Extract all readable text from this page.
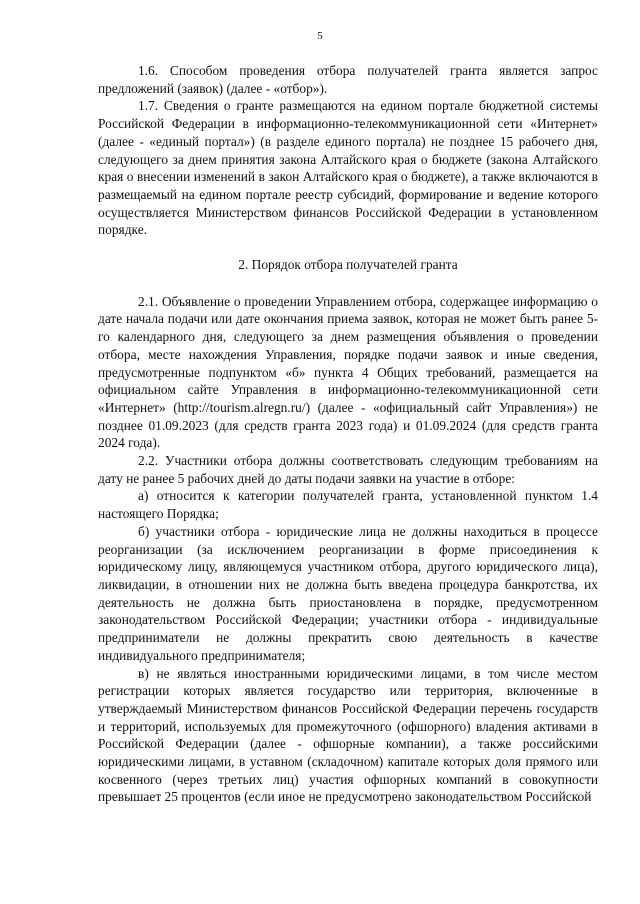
5

1.6. Способом проведения отбора получателей гранта является запрос предложений (заявок) (далее - «отбор»).

1.7. Сведения о гранте размещаются на едином портале бюджетной системы Российской Федерации в информационно-телекоммуникационной сети «Интернет» (далее - «единый портал») (в разделе единого портала) не позднее 15 рабочего дня, следующего за днем принятия закона Алтайского края о бюджете (закона Алтайского края о внесении изменений в закон Алтайского края о бюджете), а также включаются в размещаемый на едином портале реестр субсидий, формирование и ведение которого осуществляется Министерством финансов Российской Федерации в установленном порядке.

2. Порядок отбора получателей гранта

2.1. Объявление о проведении Управлением отбора, содержащее информацию о дате начала подачи или дате окончания приема заявок, которая не может быть ранее 5-го календарного дня, следующего за днем размещения объявления о проведении отбора, месте нахождения Управления, порядке подачи заявок и иные сведения, предусмотренные подпунктом «б» пункта 4 Общих требований, размещается на официальном сайте Управления в информационно-телекоммуникационной сети «Интернет» (http://tourism.alregn.ru/) (далее - «официальный сайт Управления») не позднее 01.09.2023 (для средств гранта 2023 года) и 01.09.2024 (для средств гранта 2024 года).

2.2. Участники отбора должны соответствовать следующим требованиям на дату не ранее 5 рабочих дней до даты подачи заявки на участие в отборе:

а) относится к категории получателей гранта, установленной пунктом 1.4 настоящего Порядка;

б) участники отбора - юридические лица не должны находиться в процессе реорганизации (за исключением реорганизации в форме присоединения к юридическому лицу, являющемуся участником отбора, другого юридического лица), ликвидации, в отношении них не должна быть введена процедура банкротства, их деятельность не должна быть приостановлена в порядке, предусмотренном законодательством Российской Федерации; участники отбора - индивидуальные предприниматели не должны прекратить свою деятельность в качестве индивидуального предпринимателя;

в) не являться иностранными юридическими лицами, в том числе местом регистрации которых является государство или территория, включенные в утверждаемый Министерством финансов Российской Федерации перечень государств и территорий, используемых для промежуточного (офшорного) владения активами в Российской Федерации (далее - офшорные компании), а также российскими юридическими лицами, в уставном (складочном) капитале которых доля прямого или косвенного (через третьих лиц) участия офшорных компаний в совокупности превышает 25 процентов (если иное не предусмотрено законодательством Российской
